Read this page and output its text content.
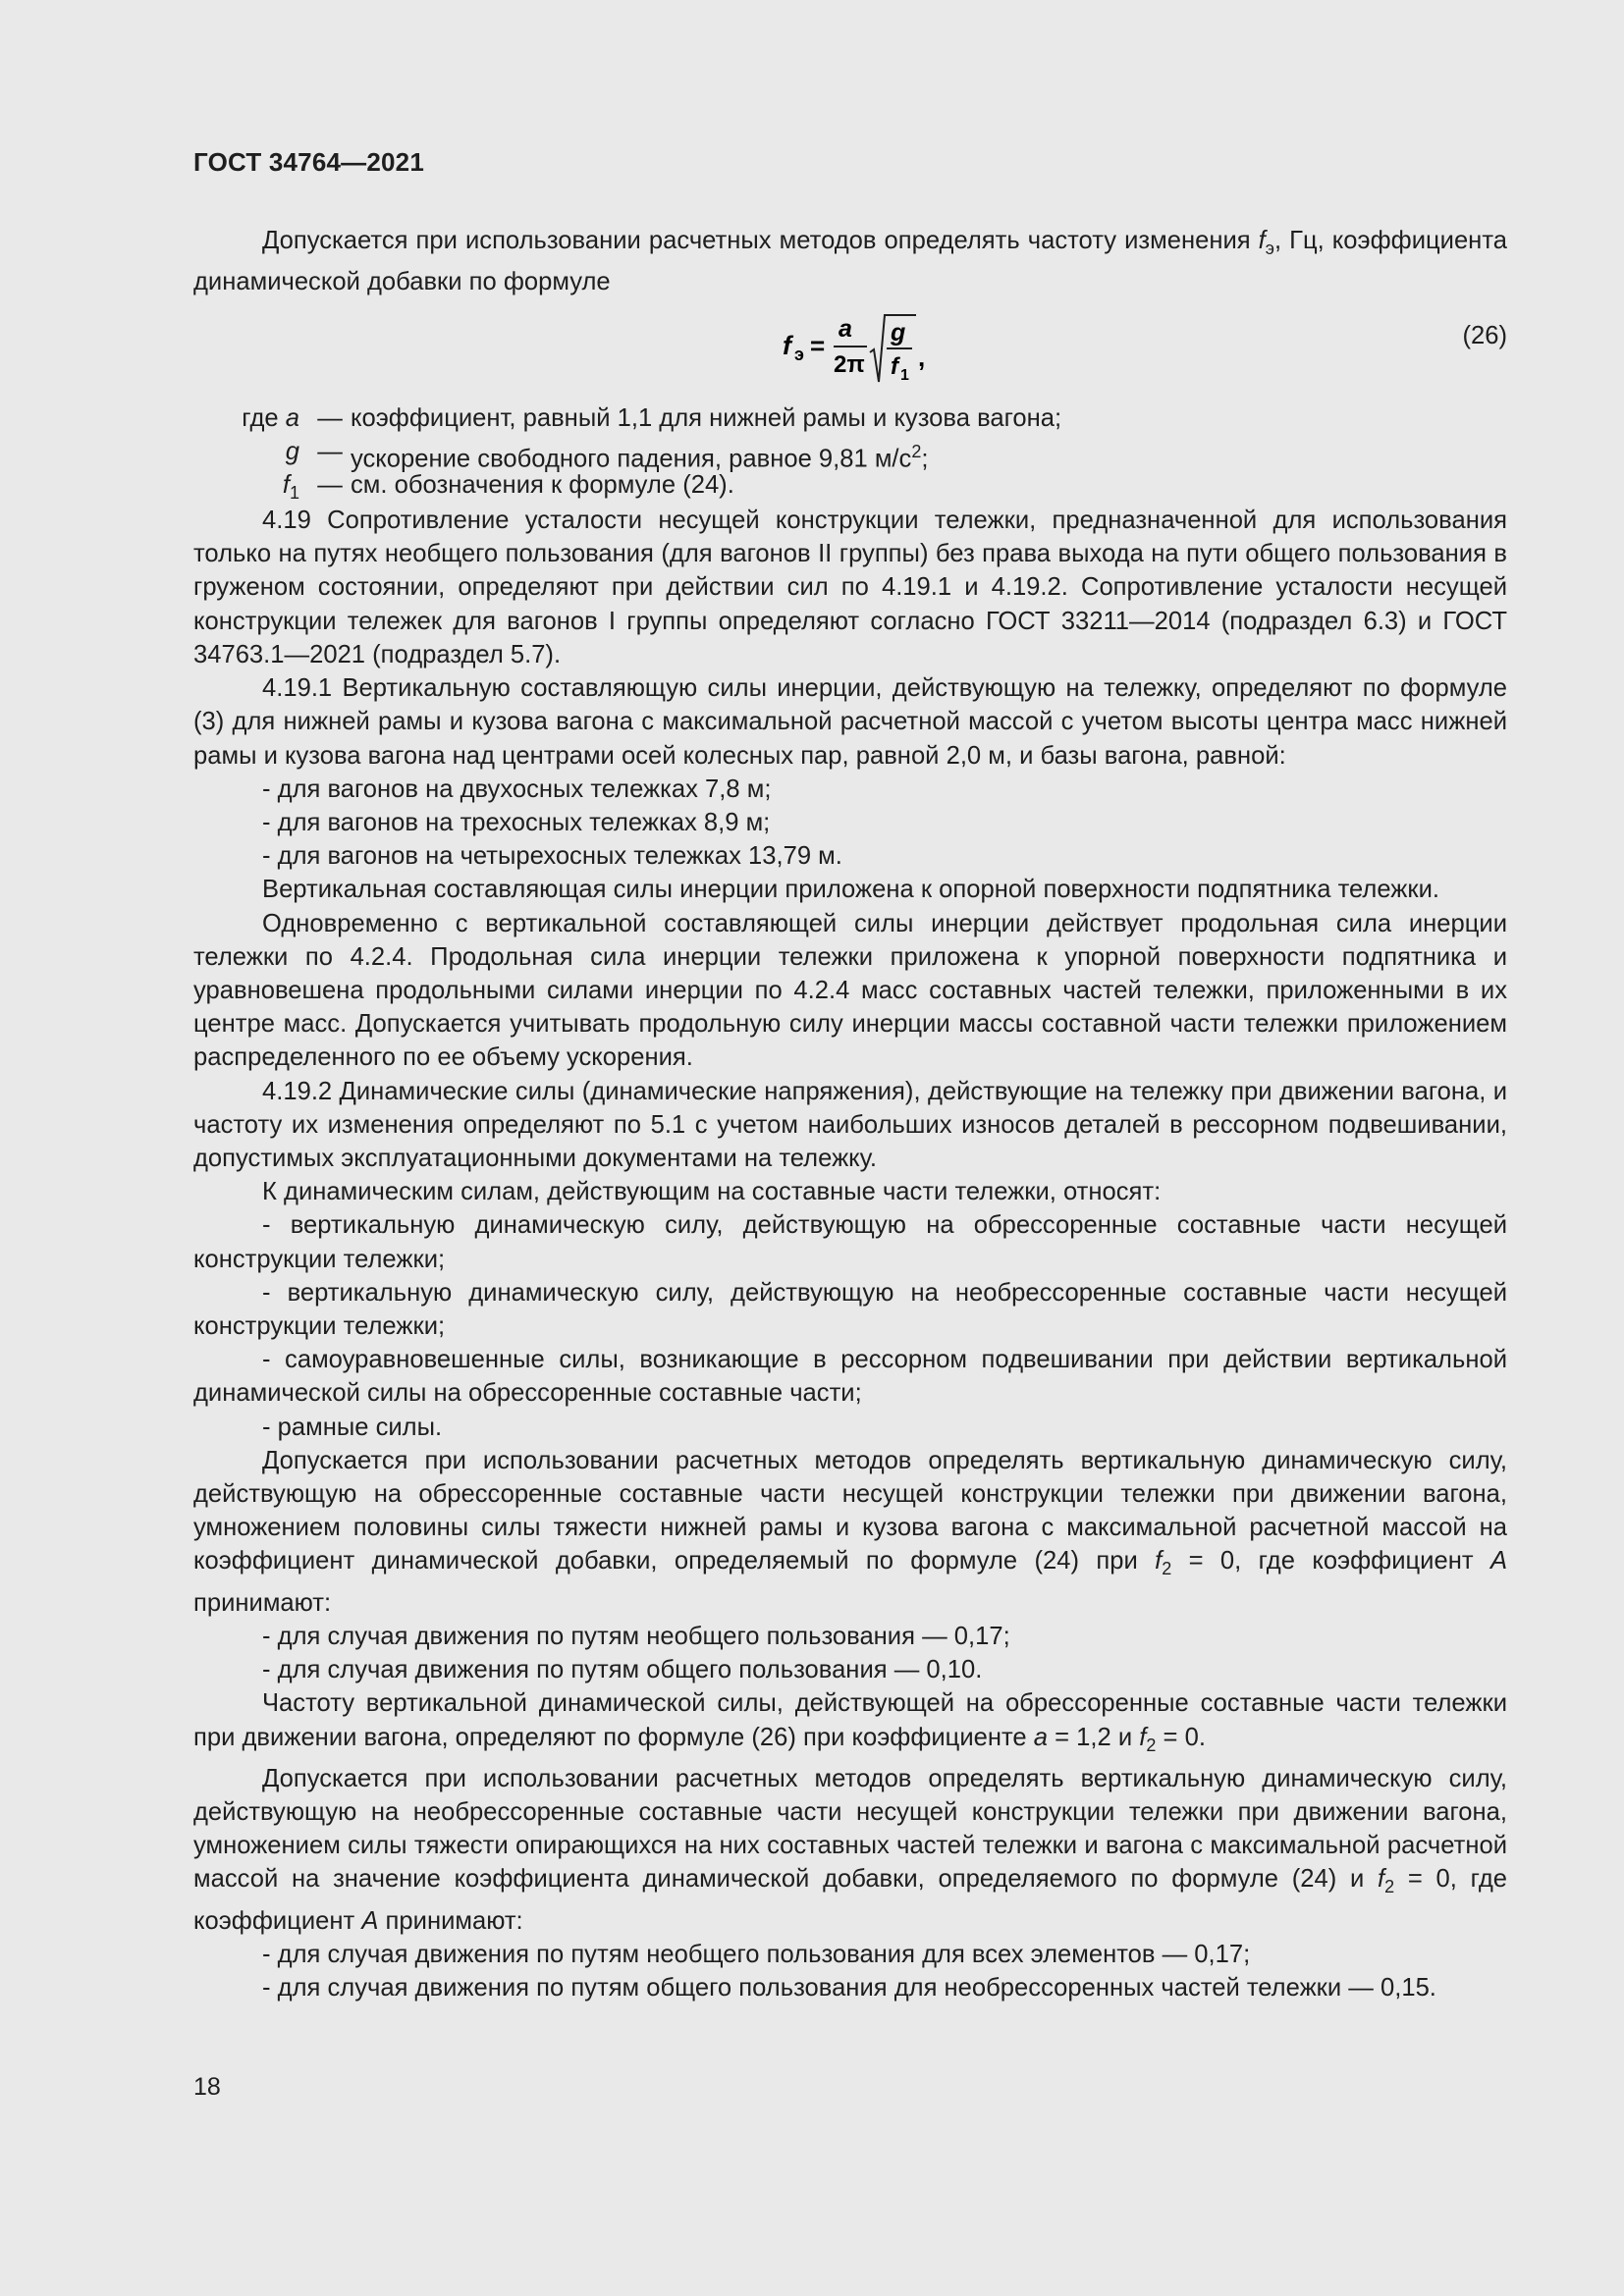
ГОСТ 34764—2021

Допускается при использовании расчетных методов определять частоту изменения $f_э$, Гц, коэффициента динамической добавки по формуле

f э =
a
2π
g
f 1
,
(26)
где a — коэффициент, равный 1,1 для нижней рамы и кузова вагона;
g — ускорение свободного падения, равное 9,81 $м/с^2$;
$f_1$ — см. обозначения к формуле (24).

4.19 Сопротивление усталости несущей конструкции тележки, предназначенной для использования только на путях необщего пользования (для вагонов II группы) без права выхода на пути общего пользования в груженом состоянии, определяют при действии сил по 4.19.1 и 4.19.2. Сопротивление усталости несущей конструкции тележек для вагонов I группы определяют согласно ГОСТ 33211—2014 (подраздел 6.3) и ГОСТ 34763.1—2021 (подраздел 5.7).

4.19.1 Вертикальную составляющую силы инерции, действующую на тележку, определяют по формуле (3) для нижней рамы и кузова вагона с максимальной расчетной массой с учетом высоты центра масс нижней рамы и кузова вагона над центрами осей колесных пар, равной 2,0 м, и базы вагона, равной:

- для вагонов на двухосных тележках 7,8 м;

- для вагонов на трехосных тележках 8,9 м;

- для вагонов на четырехосных тележках 13,79 м.

Вертикальная составляющая силы инерции приложена к опорной поверхности подпятника тележки.

Одновременно с вертикальной составляющей силы инерции действует продольная сила инерции тележки по 4.2.4. Продольная сила инерции тележки приложена к упорной поверхности подпятника и уравновешена продольными силами инерции по 4.2.4 масс составных частей тележки, приложенными в их центре масс. Допускается учитывать продольную силу инерции массы составной части тележки приложением распределенного по ее объему ускорения.

4.19.2 Динамические силы (динамические напряжения), действующие на тележку при движении вагона, и частоту их изменения определяют по 5.1 с учетом наибольших износов деталей в рессорном подвешивании, допустимых эксплуатационными документами на тележку.

К динамическим силам, действующим на составные части тележки, относят:

- вертикальную динамическую силу, действующую на обрессоренные составные части несущей конструкции тележки;

- вертикальную динамическую силу, действующую на необрессоренные составные части несущей конструкции тележки;

- самоуравновешенные силы, возникающие в рессорном подвешивании при действии вертикальной динамической силы на обрессоренные составные части;

- рамные силы.

Допускается при использовании расчетных методов определять вертикальную динамическую силу, действующую на обрессоренные составные части несущей конструкции тележки при движении вагона, умножением половины силы тяжести нижней рамы и кузова вагона с максимальной расчетной массой на коэффициент динамической добавки, определяемый по формуле (24) при $f_2 = 0$, где коэффициент A принимают:

- для случая движения по путям необщего пользования — 0,17;

- для случая движения по путям общего пользования — 0,10.

Частоту вертикальной динамической силы, действующей на обрессоренные составные части тележки при движении вагона, определяют по формуле (26) при коэффициенте a = 1,2 и $f_2 = 0$.

Допускается при использовании расчетных методов определять вертикальную динамическую силу, действующую на необрессоренные составные части несущей конструкции тележки при движении вагона, умножением силы тяжести опирающихся на них составных частей тележки и вагона с максимальной расчетной массой на значение коэффициента динамической добавки, определяемого по формуле (24) и $f_2 = 0$, где коэффициент A принимают:

- для случая движения по путям необщего пользования для всех элементов — 0,17;

- для случая движения по путям общего пользования для необрессоренных частей тележки — 0,15.

18
